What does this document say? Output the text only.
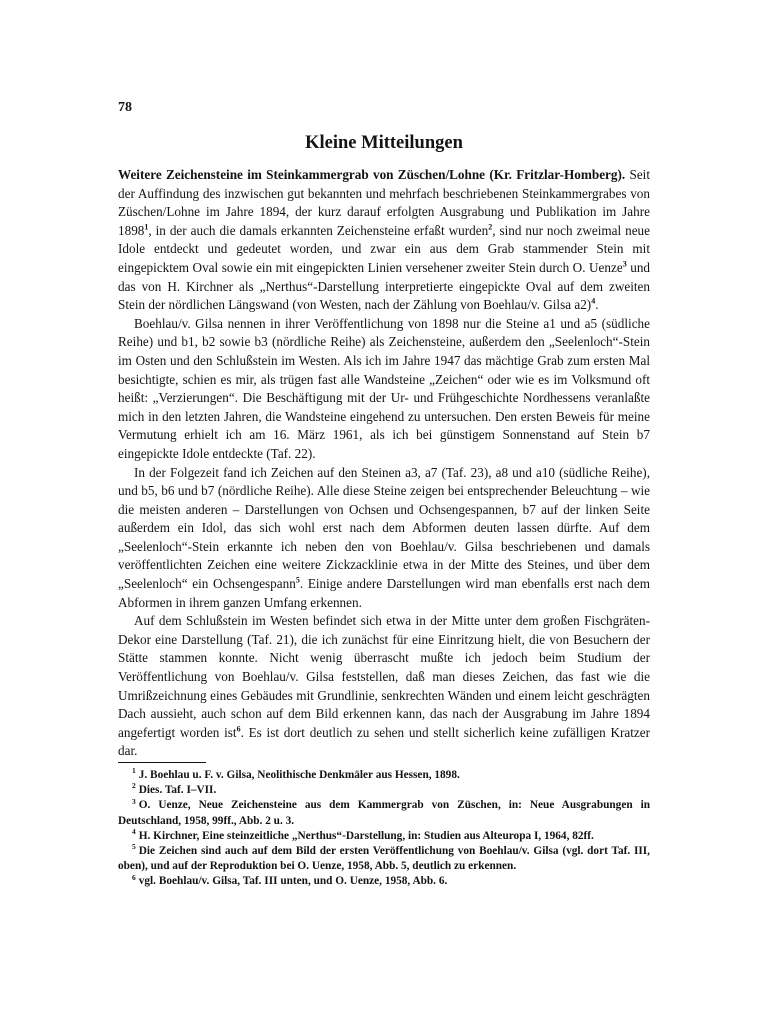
78
Kleine Mitteilungen

Weitere Zeichensteine im Steinkammergrab von Züschen/Lohne (Kr. Fritzlar-Homberg). Seit der Auffindung des inzwischen gut bekannten und mehrfach beschriebenen Steinkammergrabes von Züschen/Lohne im Jahre 1894, der kurz darauf erfolgten Ausgrabung und Publikation im Jahre 1898$^1$, in der auch die damals erkannten Zeichensteine erfaßt wurden$^2$, sind nur noch zweimal neue Idole entdeckt und gedeutet worden, und zwar ein aus dem Grab stammender Stein mit eingepicktem Oval sowie ein mit eingepickten Linien versehener zweiter Stein durch O. Uenze$^3$ und das von H. Kirchner als „Nerthus“-Darstellung interpretierte eingepickte Oval auf dem zweiten Stein der nördlichen Längswand (von Westen, nach der Zählung von Boehlau/v. Gilsa a2)$^4$.

Boehlau/v. Gilsa nennen in ihrer Veröffentlichung von 1898 nur die Steine a1 und a5 (südliche Reihe) und b1, b2 sowie b3 (nördliche Reihe) als Zeichensteine, außerdem den „Seelenloch“-Stein im Osten und den Schlußstein im Westen. Als ich im Jahre 1947 das mächtige Grab zum ersten Mal besichtigte, schien es mir, als trügen fast alle Wandsteine „Zeichen“ oder wie es im Volksmund oft heißt: „Verzierungen“. Die Beschäftigung mit der Ur- und Frühgeschichte Nordhessens veranlaßte mich in den letzten Jahren, die Wandsteine eingehend zu untersuchen. Den ersten Beweis für meine Vermutung erhielt ich am 16. März 1961, als ich bei günstigem Sonnenstand auf Stein b7 eingepickte Idole entdeckte (Taf. 22).

In der Folgezeit fand ich Zeichen auf den Steinen a3, a7 (Taf. 23), a8 und a10 (südliche Reihe), und b5, b6 und b7 (nördliche Reihe). Alle diese Steine zeigen bei entsprechender Beleuchtung – wie die meisten anderen – Darstellungen von Ochsen und Ochsengespannen, b7 auf der linken Seite außerdem ein Idol, das sich wohl erst nach dem Abformen deuten lassen dürfte. Auf dem „Seelenloch“-Stein erkannte ich neben den von Boehlau/v. Gilsa beschriebenen und damals veröffentlichten Zeichen eine weitere Zickzacklinie etwa in der Mitte des Steines, und über dem „Seelenloch“ ein Ochsengespann$^5$. Einige andere Darstellungen wird man ebenfalls erst nach dem Abformen in ihrem ganzen Umfang erkennen.

Auf dem Schlußstein im Westen befindet sich etwa in der Mitte unter dem großen Fischgräten-Dekor eine Darstellung (Taf. 21), die ich zunächst für eine Einritzung hielt, die von Besuchern der Stätte stammen konnte. Nicht wenig überrascht mußte ich jedoch beim Studium der Veröffentlichung von Boehlau/v. Gilsa feststellen, daß man dieses Zeichen, das fast wie die Umrißzeichnung eines Gebäudes mit Grundlinie, senkrechten Wänden und einem leicht geschrägten Dach aussieht, auch schon auf dem Bild erkennen kann, das nach der Ausgrabung im Jahre 1894 angefertigt worden ist$^6$. Es ist dort deutlich zu sehen und stellt sicherlich keine zufälligen Kratzer dar.

$^1$ J. Boehlau u. F. v. Gilsa, Neolithische Denkmäler aus Hessen, 1898.

$^2$ Dies. Taf. I–VII.

$^3$ O. Uenze, Neue Zeichensteine aus dem Kammergrab von Züschen, in: Neue Ausgrabungen in Deutschland, 1958, 99ff., Abb. 2 u. 3.

$^4$ H. Kirchner, Eine steinzeitliche „Nerthus“-Darstellung, in: Studien aus Alteuropa I, 1964, 82ff.

$^5$ Die Zeichen sind auch auf dem Bild der ersten Veröffentlichung von Boehlau/v. Gilsa (vgl. dort Taf. III, oben), und auf der Reproduktion bei O. Uenze, 1958, Abb. 5, deutlich zu erkennen.

$^6$ vgl. Boehlau/v. Gilsa, Taf. III unten, und O. Uenze, 1958, Abb. 6.
